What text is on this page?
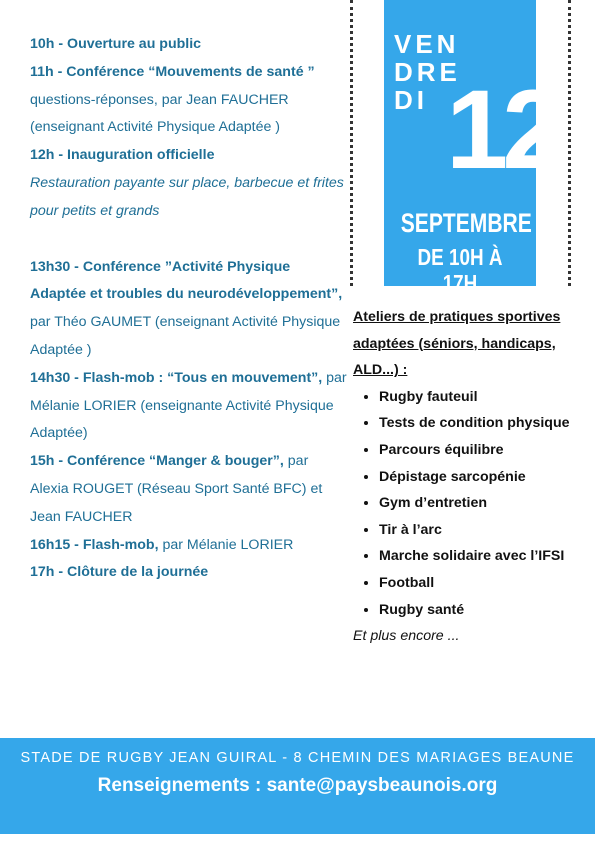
10h - Ouverture au public

11h - Conférence “Mouvements de santé ” questions-réponses, par Jean FAUCHER (enseignant Activité Physique Adaptée )

12h - Inauguration officielle

Restauration payante sur place, barbecue et frites pour petits et grands

13h30 - Conférence ”Activité Physique Adaptée et troubles du neurodéveloppement”, par Théo GAUMET (enseignant Activité Physique Adaptée )

14h30 - Flash-mob : “Tous en mouvement”, par Mélanie LORIER (enseignante Activité Physique Adaptée)

15h - Conférence “Manger & bouger”, par Alexia ROUGET (Réseau Sport Santé BFC) et Jean FAUCHER

16h15 - Flash-mob, par Mélanie LORIER

17h - Clôture de la journée

VEN
DRE
DI 12
SEPTEMBRE
DE 10H À 17H

Ateliers de pratiques sportives adaptées (séniors, handicaps, ALD...) :

• Rugby fauteuil
• Tests de condition physique
• Parcours équilibre
• Dépistage sarcopénie
• Gym d’entretien
• Tir à l’arc
• Marche solidaire avec l’IFSI
• Football
• Rugby santé

Et plus encore ...

STADE DE RUGBY JEAN GUIRAL - 8 CHEMIN DES MARIAGES BEAUNE
Renseignements : sante@paysbeaunois.org
